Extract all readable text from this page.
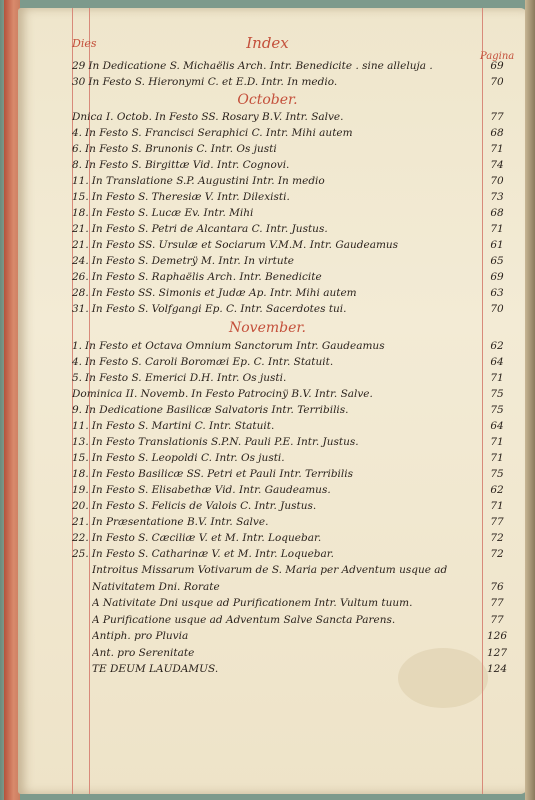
Dies	Index
Pagina
October.
November.
29 In Dedicatione S. Michaëlis Arch. Intr. Benedicite . sine alleluja .	69
30 In Festo S. Hieronymi C. et E.D. Intr. In medio.	70
Dnica I. Octob. In Festo SS. Rosary B.V. Intr. Salve.	77
4. In Festo S. Francisci Seraphici C. Intr. Mihi autem	68
6. In Festo S. Brunonis C. Intr. Os justi	71
8. In Festo S. Birgittæ Vid. Intr. Cognovi.	74
11. In Translatione S.P. Augustini Intr. In medio	70
15. In Festo S. Theresiæ V. Intr. Dilexisti.	73
18. In Festo S. Lucæ Ev. Intr. Mihi	68
21. In Festo S. Petri de Alcantara C. Intr. Justus.	71
21. In Festo SS. Ursulæ et Sociarum V.M.M. Intr. Gaudeamus	61
24. In Festo S. Demetrÿ M. Intr. In virtute	65
26. In Festo S. Raphaëlis Arch. Intr. Benedicite	69
28. In Festo SS. Simonis et Judæ Ap. Intr. Mihi autem	63
31. In Festo S. Volfgangi Ep. C. Intr. Sacerdotes tui.	70
1. In Festo et Octava Omnium Sanctorum Intr. Gaudeamus	62
4. In Festo S. Caroli Boromæi Ep. C. Intr. Statuit.	64
5. In Festo S. Emerici D.H. Intr. Os justi.	71
Dominica II. Novemb. In Festo Patrocinÿ B.V. Intr. Salve.	75
9. In Dedicatione Basilicæ Salvatoris Intr. Terribilis.	75
11. In Festo S. Martini C. Intr. Statuit.	64
13. In Festo Translationis S.P.N. Pauli P.E. Intr. Justus.	71
15. In Festo S. Leopoldi C. Intr. Os justi.	71
18. In Festo Basilicæ SS. Petri et Pauli Intr. Terribilis	75
19. In Festo S. Elisabethæ Vid. Intr. Gaudeamus.	62
20. In Festo S. Felicis de Valois C. Intr. Justus.	71
21. In Præsentatione B.V. Intr. Salve.	77
22. In Festo S. Cæciliæ V. et M. Intr. Loquebar.	72
25. In Festo S. Catharinæ V. et M. Intr. Loquebar.	72
Introitus Missarum Votivarum de S. Maria per Adventum usque ad
Nativitatem Dni. Rorate	76
A Nativitate Dni usque ad Purificationem Intr. Vultum tuum.	77
A Purificatione usque ad Adventum Salve Sancta Parens.	77
Antiph. pro Pluvia	126
Ant. pro Serenitate	127
TE DEUM LAUDAMUS.	124
